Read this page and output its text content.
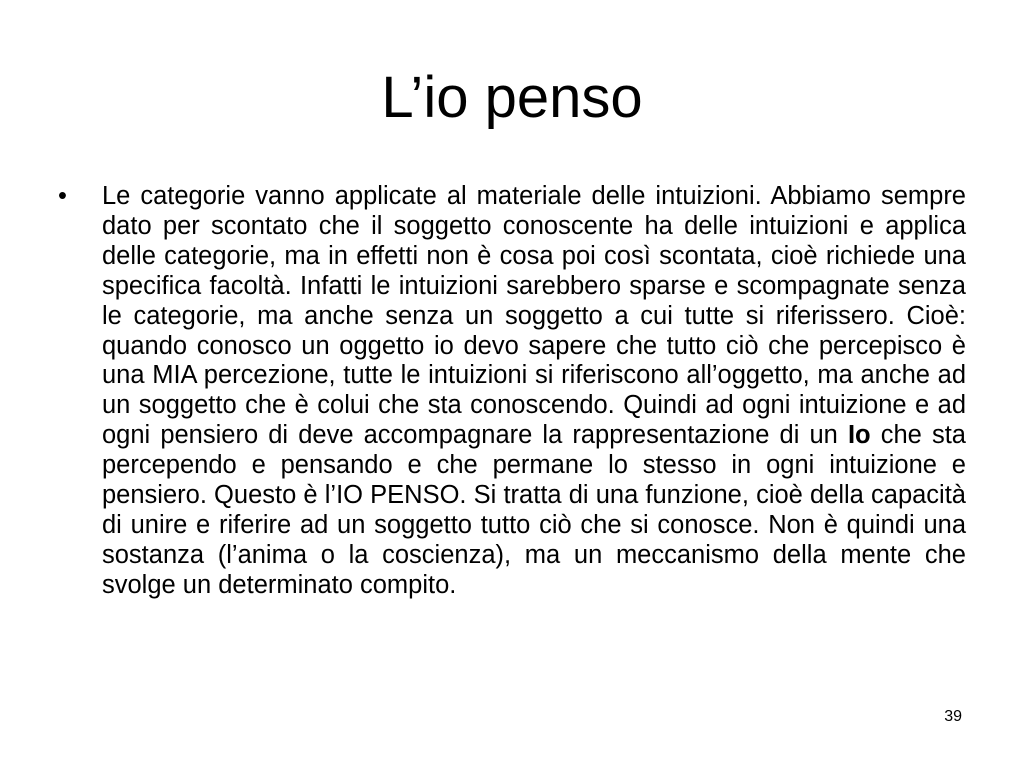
L’io penso
• Le categorie vanno applicate al materiale delle intuizioni. Abbiamo sempre dato per scontato che il soggetto conoscente ha delle intuizioni e applica delle categorie, ma in effetti non è cosa poi così scontata, cioè richiede una specifica facoltà. Infatti le intuizioni sarebbero sparse e scompagnate senza le categorie, ma anche senza un soggetto a cui tutte si riferissero. Cioè: quando conosco un oggetto io devo sapere che tutto ciò che percepisco è una MIA percezione, tutte le intuizioni si riferiscono all’oggetto, ma anche ad un soggetto che è colui che sta conoscendo. Quindi ad ogni intuizione e ad ogni pensiero di deve accompagnare la rappresentazione di un Io che sta percependo e pensando e che permane lo stesso in ogni intuizione e pensiero. Questo è l’IO PENSO. Si tratta di una funzione, cioè della capacità di unire e riferire ad un soggetto tutto ciò che si conosce. Non è quindi una sostanza (l’anima o la coscienza), ma un meccanismo della mente che svolge un determinato compito.
39
